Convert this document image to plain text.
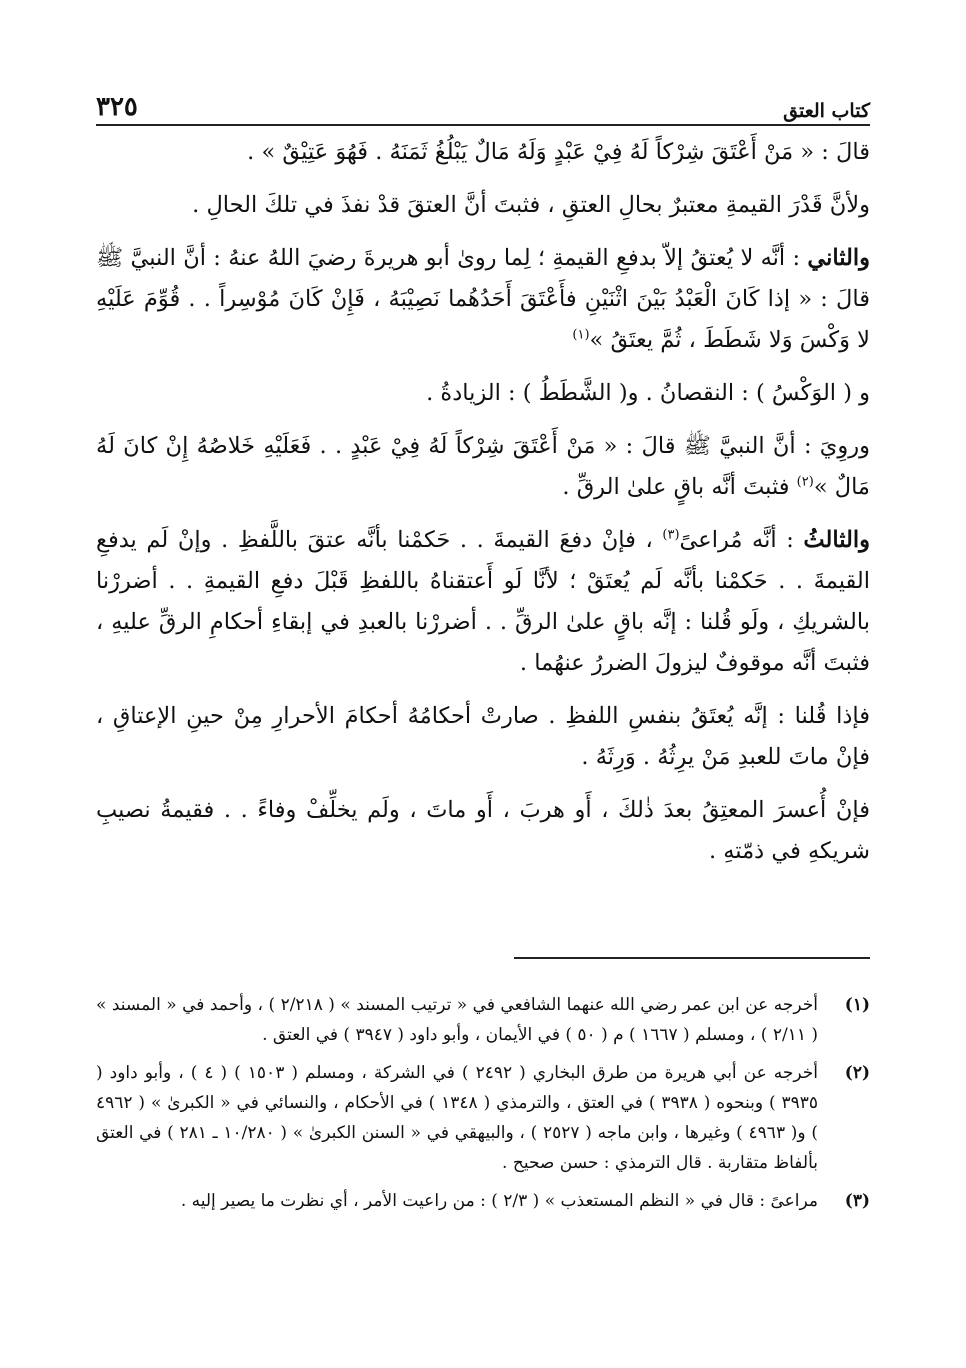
كتاب العتق
٣٢٥

قالَ : « مَنْ أَعْتَقَ شِرْكاً لَهُ فِيْ عَبْدٍ وَلَهُ مَالٌ يَبْلُغُ ثَمَنَهُ . فَهُوَ عَتِيْقٌ » .

ولأنَّ قَدْرَ القيمةِ معتبرٌ بحالِ العتقِ ، فثبتَ أنَّ العتقَ قدْ نفذَ في تلكَ الحالِ .

والثاني : أنَّه لا يُعتقُ إلاّ بدفعِ القيمةِ ؛ لِما روىٰ أبو هريرةَ رضيَ اللهُ عنهُ : أنَّ النبيَّ ﷺ قالَ : « إذا كَانَ الْعَبْدُ بَيْنَ اثْنَيْنِ فأَعْتَقَ أَحَدُهُما نَصِيْبَهُ ، فَإِنْ كَانَ مُوْسِراً . . قُوِّمَ عَلَيْهِ لا وَكْسَ وَلا شَطَطَ ، ثُمَّ يعتَقُ »$^{(١)}$

و ( الوَكْسُ ) : النقصانُ . و( الشَّطَطُ ) : الزيادةُ .

وروِيَ : أنَّ النبيَّ ﷺ قالَ : « مَنْ أَعْتَقَ شِرْكاً لَهُ فِيْ عَبْدٍ . . فَعَلَيْهِ خَلاصُهُ إِنْ كانَ لَهُ مَالٌ »$^{(٢)}$ فثبتَ أنَّه باقٍ علىٰ الرقِّ .

والثالثُ : أنَّه مُراعىً$^{(٣)}$ ، فإنْ دفعَ القيمةَ . . حَكمْنا بأنَّه عتقَ باللَّفظِ . وإنْ لَم يدفعِ القيمةَ . . حَكمْنا بأنَّه لَم يُعتَقْ ؛ لأنَّا لَو أَعتقناهُ باللفظِ قَبْلَ دفعِ القيمةِ . . أضررْنا بالشريكِ ، ولَو قُلنا : إنَّه باقٍ علىٰ الرقِّ . . أضررْنا بالعبدِ في إبقاءِ أحكامِ الرقِّ عليهِ ، فثبتَ أنَّه موقوفٌ ليزولَ الضررُ عنهُما .

فإذا قُلنا : إنَّه يُعتَقُ بنفسِ اللفظِ . صارتْ أحكامُهُ أحكامَ الأحرارِ مِنْ حينِ الإعتاقِ ، فإنْ ماتَ للعبدِ مَنْ يرِثُهُ . وَرِثَهُ .

فإنْ أُعسرَ المعتِقُ بعدَ ذٰلكَ ، أَو هربَ ، أَو ماتَ ، ولَم يخلِّفْ وفاءً . . فقيمةُ نصيبِ شريكهِ في ذمّتهِ .

(١)
أخرجه عن ابن عمر رضي الله عنهما الشافعي في « ترتيب المسند » ( ٢/٢١٨ ) ، وأحمد في « المسند » ( ٢/١١ ) ، ومسلم ( ١٦٦٧ ) م ( ٥٠ ) في الأيمان ، وأبو داود ( ٣٩٤٧ ) في العتق .
(٢)
أخرجه عن أبي هريرة من طرق البخاري ( ٢٤٩٢ ) في الشركة ، ومسلم ( ١٥٠٣ ) ( ٤ ) ، وأبو داود ( ٣٩٣٥ ) وبنحوه ( ٣٩٣٨ ) في العتق ، والترمذي ( ١٣٤٨ ) في الأحكام ، والنسائي في « الكبرىٰ » ( ٤٩٦٢ ) و( ٤٩٦٣ ) وغيرها ، وابن ماجه ( ٢٥٢٧ ) ، والبيهقي في « السنن الكبرىٰ » ( ١٠/٢٨٠ ـ ٢٨١ ) في العتق بألفاظ متقاربة . قال الترمذي : حسن صحيح .
(٣)
مراعىً : قال في « النظم المستعذب » ( ٢/٣ ) : من راعيت الأمر ، أي نظرت ما يصير إليه .
